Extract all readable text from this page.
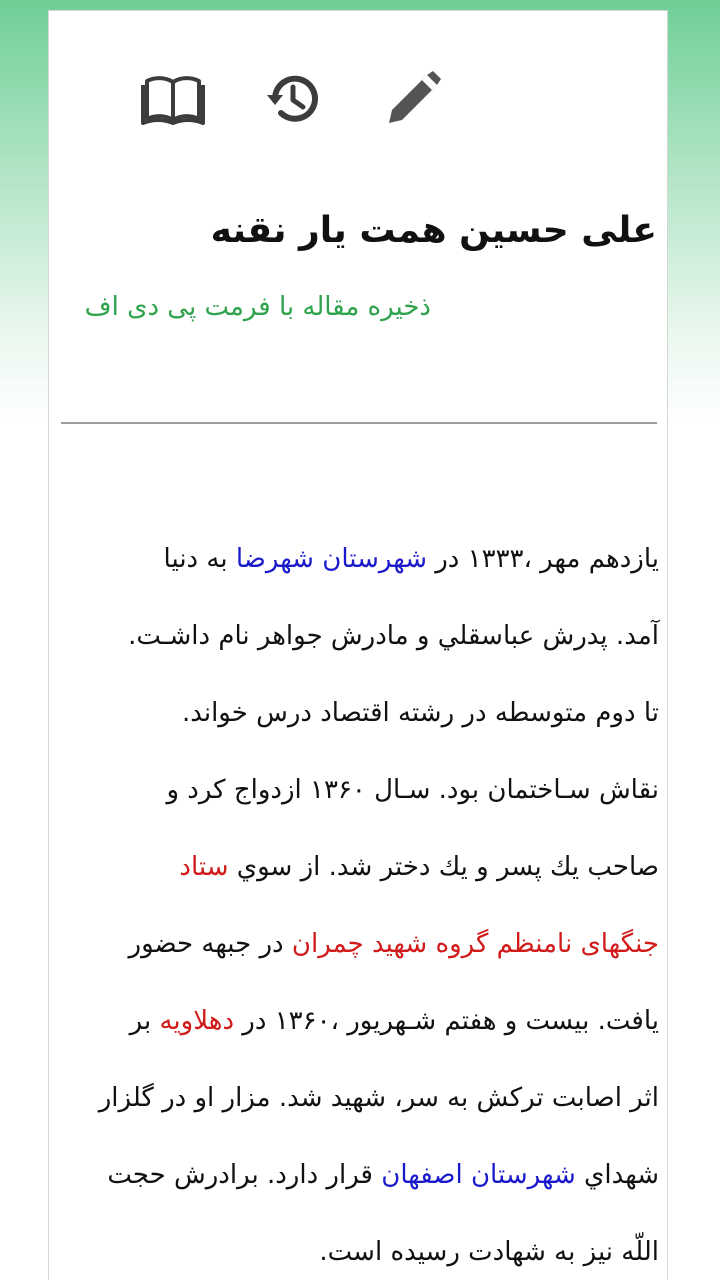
علی حسین همت یار نقنه
ذخیره مقاله با فرمت پی دی اف
یازدهم مهر ،۱۳۳۳ در شهرستان شهرضا به دنيا
آمد. پدرش عباسقلي و مادرش جواهر نام داشـت.
تا دوم متوسطه در رشته اقتصاد درس خواند.
نقاش سـاختمان بود. سـال ۱۳۶۰ ازدواج كرد و
صاحب يك پسر و يك دختر شد. از سوي ستاد
جنگهای نامنظم گروه شهید چمران در جبهه حضور
يافت. بيست و هفتم شـهريور ،۱۳۶۰ در دهلاویه بر
اثر اصابت تركش به سر، شهيد شد. مزار او در گلزار
شهداي شهرستان اصفهان قرار دارد. برادرش حجت
اللّه نيز به شهادت رسيده است.
